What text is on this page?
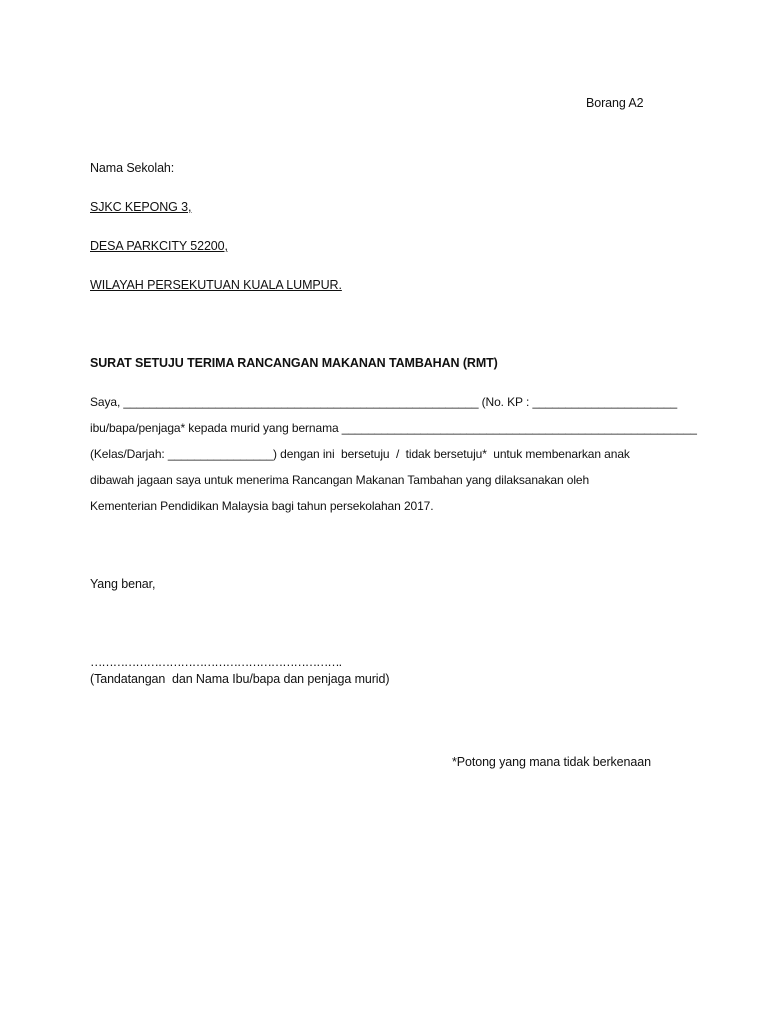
Borang A2
Nama Sekolah:
SJKC KEPONG 3,
DESA PARKCITY 52200,
WILAYAH PERSEKUTUAN KUALA LUMPUR.
SURAT SETUJU TERIMA RANCANGAN MAKANAN TAMBAHAN (RMT)
Saya, ______________________________________________________ (No. KP : ______________________
ibu/bapa/penjaga* kepada murid yang bernama ______________________________________________________
(Kelas/Darjah: ________________) dengan ini  bersetuju  /  tidak bersetuju*  untuk membenarkan anak
dibawah jagaan saya untuk menerima Rancangan Makanan Tambahan yang dilaksanakan oleh
Kementerian Pendidikan Malaysia bagi tahun persekolahan 2017.
Yang benar,
………………………………………………………….
(Tandatangan  dan Nama Ibu/bapa dan penjaga murid)
*Potong yang mana tidak berkenaan
